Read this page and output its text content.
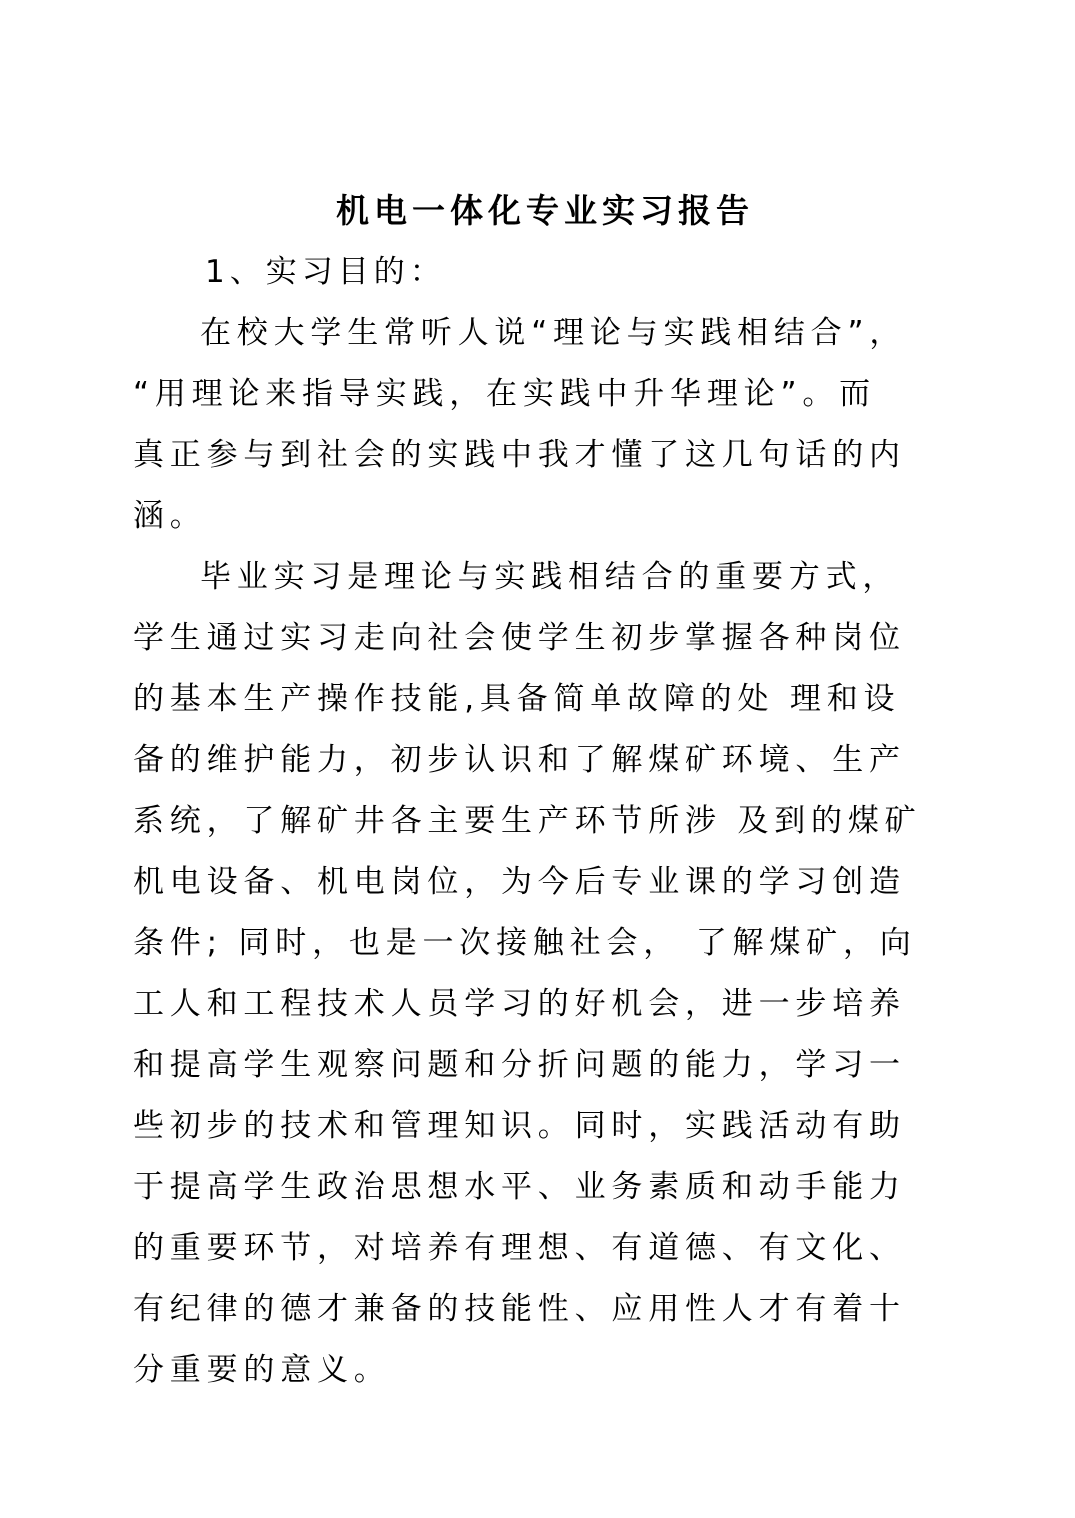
机电一体化专业实习报告
1、实习目的：
在校大学生常听人说“理论与实践相结合”，
“用理论来指导实践，在实践中升华理论”。而
真正参与到社会的实践中我才懂了这几句话的内
涵。
毕业实习是理论与实践相结合的重要方式，
学生通过实习走向社会使学生初步掌握各种岗位
的基本生产操作技能,具备简单故障的处 理和设
备的维护能力，初步认识和了解煤矿环境、生产
系统，了解矿井各主要生产环节所涉 及到的煤矿
机电设备、机电岗位，为今后专业课的学习创造
条件; 同时，也是一次接触社会， 了解煤矿，向
工人和工程技术人员学习的好机会，进一步培养
和提高学生观察问题和分折问题的能力，学习一
些初步的技术和管理知识。同时，实践活动有助
于提高学生政治思想水平、业务素质和动手能力
的重要环节，对培养有理想、有道德、有文化、
有纪律的德才兼备的技能性、应用性人才有着十
分重要的意义。
